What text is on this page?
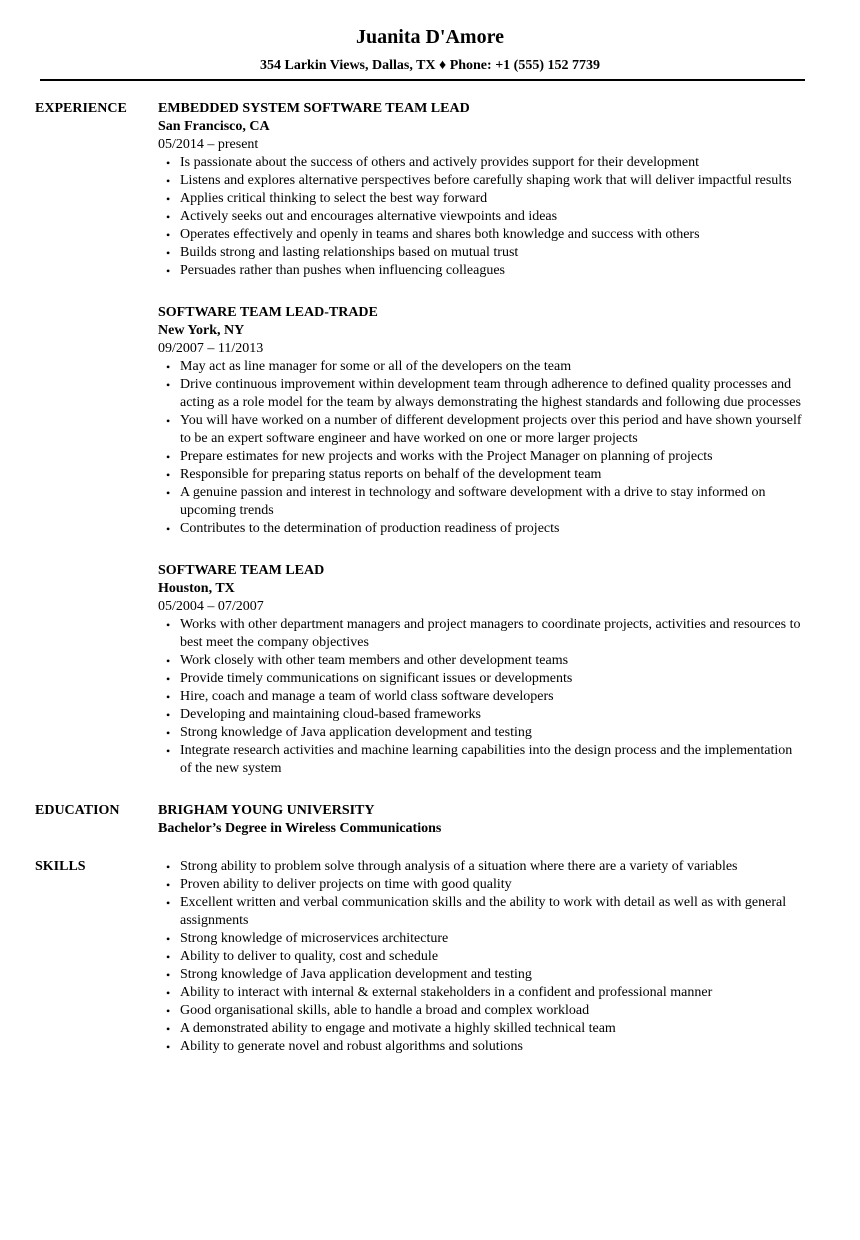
Juanita D'Amore
354 Larkin Views, Dallas, TX ♦ Phone: +1 (555) 152 7739
EXPERIENCE	EMBEDDED SYSTEM SOFTWARE TEAM LEAD
San Francisco, CA
05/2014 – present
• Is passionate about the success of others and actively provides support for their development
• Listens and explores alternative perspectives before carefully shaping work that will deliver impactful results
• Applies critical thinking to select the best way forward
• Actively seeks out and encourages alternative viewpoints and ideas
• Operates effectively and openly in teams and shares both knowledge and success with others
• Builds strong and lasting relationships based on mutual trust
• Persuades rather than pushes when influencing colleagues
SOFTWARE TEAM LEAD-TRADE
New York, NY
09/2007 – 11/2013
• May act as line manager for some or all of the developers on the team
• Drive continuous improvement within development team through adherence to defined quality processes and acting as a role model for the team by always demonstrating the highest standards and following due processes
• You will have worked on a number of different development projects over this period and have shown yourself to be an expert software engineer and have worked on one or more larger projects
• Prepare estimates for new projects and works with the Project Manager on planning of projects
• Responsible for preparing status reports on behalf of the development team
• A genuine passion and interest in technology and software development with a drive to stay informed on upcoming trends
• Contributes to the determination of production readiness of projects
SOFTWARE TEAM LEAD
Houston, TX
05/2004 – 07/2007
• Works with other department managers and project managers to coordinate projects, activities and resources to best meet the company objectives
• Work closely with other team members and other development teams
• Provide timely communications on significant issues or developments
• Hire, coach and manage a team of world class software developers
• Developing and maintaining cloud-based frameworks
• Strong knowledge of Java application development and testing
• Integrate research activities and machine learning capabilities into the design process and the implementation of the new system
EDUCATION	BRIGHAM YOUNG UNIVERSITY
Bachelor’s Degree in Wireless Communications
SKILLS	• Strong ability to problem solve through analysis of a situation where there are a variety of variables
• Proven ability to deliver projects on time with good quality
• Excellent written and verbal communication skills and the ability to work with detail as well as with general assignments
• Strong knowledge of microservices architecture
• Ability to deliver to quality, cost and schedule
• Strong knowledge of Java application development and testing
• Ability to interact with internal & external stakeholders in a confident and professional manner
• Good organisational skills, able to handle a broad and complex workload
• A demonstrated ability to engage and motivate a highly skilled technical team
• Ability to generate novel and robust algorithms and solutions
